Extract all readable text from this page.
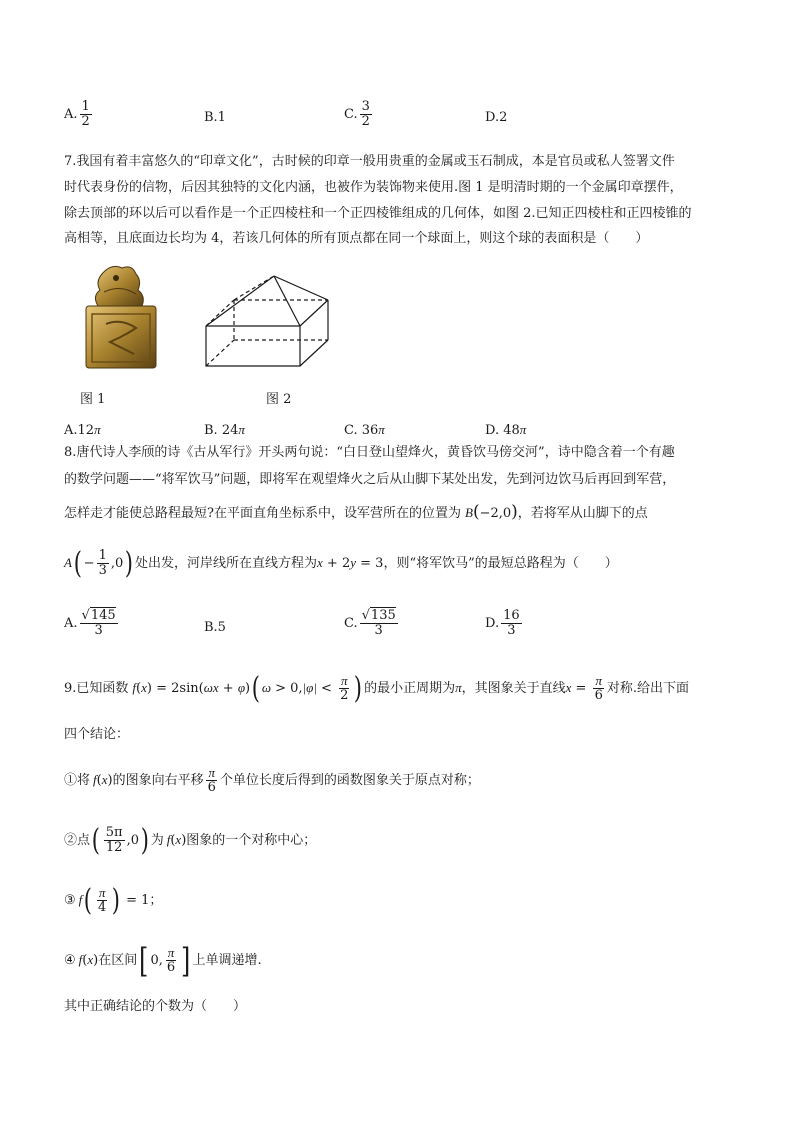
A. $\frac{1}{2}$	B.1	C. $\frac{3}{2}$	D.2
7.我国有着丰富悠久的“印章文化”，古时候的印章一般用贵重的金属或玉石制成，本是官员或私人签署文件
时代表身份的信物，后因其独特的文化内涵，也被作为装饰物来使用.图 1 是明清时期的一个金属印章摆件，
除去顶部的环以后可以看作是一个正四棱柱和一个正四棱锥组成的几何体，如图 2.已知正四棱柱和正四棱锥的
高相等，且底面边长均为 4，若该几何体的所有顶点都在同一个球面上，则这个球的表面积是（　　）
图 1	图 2
A.12π	B. 24π	C. 36π	D. 48π
8.唐代诗人李颀的诗《古从军行》开头两句说：“白日登山望烽火，黄昏饮马傍交河”，诗中隐含着一个有趣
的数学问题——“将军饮马”问题，即将军在观望烽火之后从山脚下某处出发，先到河边饮马后再回到军营，
怎样走才能使总路程最短?在平面直角坐标系中，设军营所在的位置为 B(−2,0)，若将军从山脚下的点
$A( - \frac{1}{3} ,0)$ 处出发，河岸线所在直线方程为x + 2y = 3，则“将军饮马”的最短总路程为（　　）
A. $\frac{√145}{3}$	B.5	C. $\frac{√135}{3}$	D. $\frac{16}{3}$
9.已知函数 f(x) = 2sin(ωx + φ)( $\omega > 0,|\varphi| < \frac{\pi}{2}$ ) 的最小正周期为π，其图象关于直线$x = \frac{\pi}{6}$ 对称.给出下面
四个结论：
①将 f(x)的图象向右平移 $\frac{\pi}{6}$ 个单位长度后得到的函数图象关于原点对称；
②点( $\frac{5\pi}{12} ,0$) 为 f(x)图象的一个对称中心；
③ $f( \frac{\pi}{4}$ ) = 1；
④ f(x)在区间[ 0, $\frac{\pi}{6}$ ] 上单调递增.
其中正确结论的个数为（　　）
